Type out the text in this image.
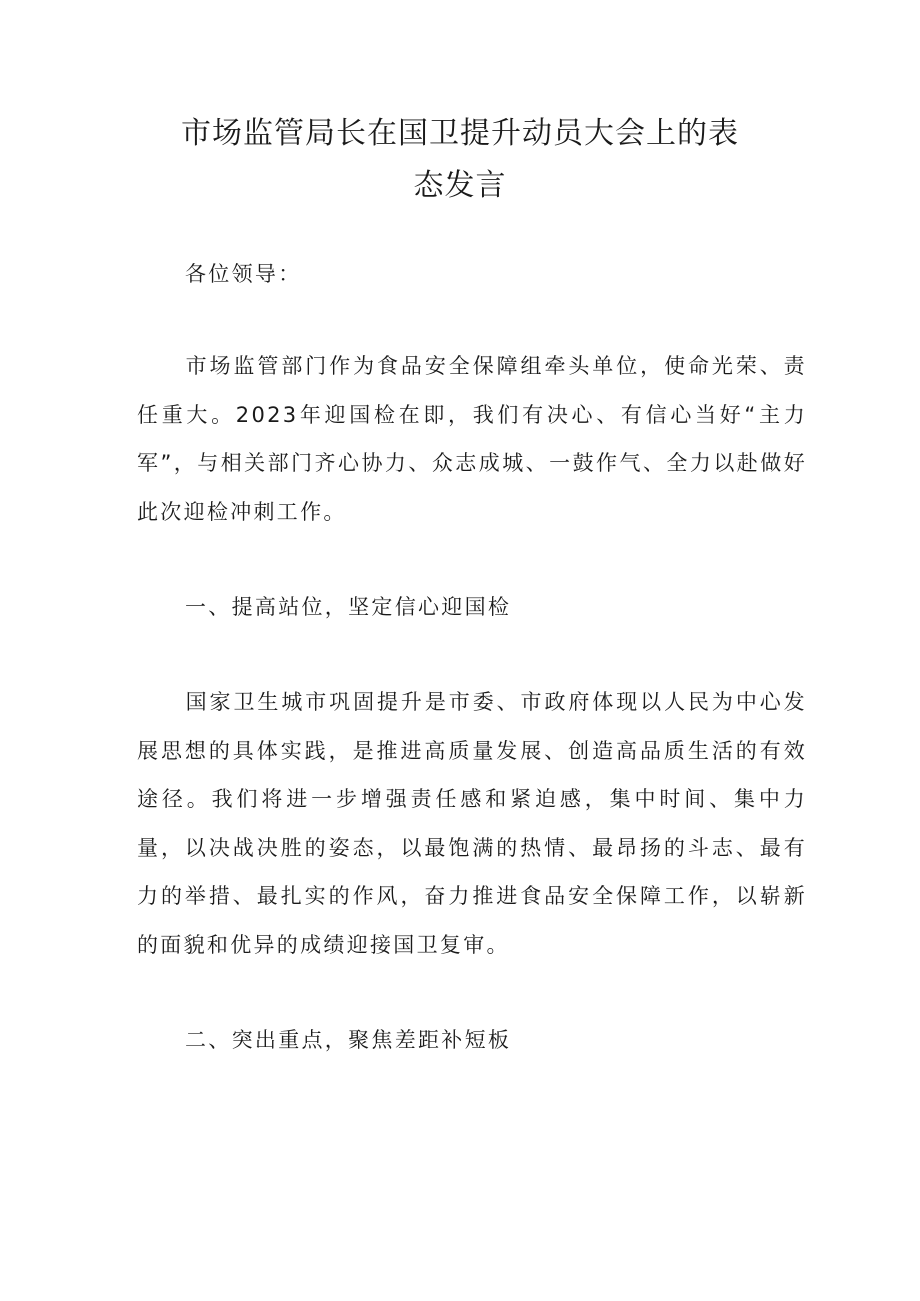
市场监管局长在国卫提升动员大会上的表
态发言

各位领导：

市场监管部门作为食品安全保障组牵头单位，使命光荣、责任重大。2023年迎国检在即，我们有决心、有信心当好“主力军”，与相关部门齐心协力、众志成城、一鼓作气、全力以赴做好此次迎检冲刺工作。

一、提高站位，坚定信心迎国检

国家卫生城市巩固提升是市委、市政府体现以人民为中心发展思想的具体实践，是推进高质量发展、创造高品质生活的有效途径。我们将进一步增强责任感和紧迫感，集中时间、集中力量，以决战决胜的姿态，以最饱满的热情、最昂扬的斗志、最有力的举措、最扎实的作风，奋力推进食品安全保障工作，以崭新的面貌和优异的成绩迎接国卫复审。

二、突出重点，聚焦差距补短板
